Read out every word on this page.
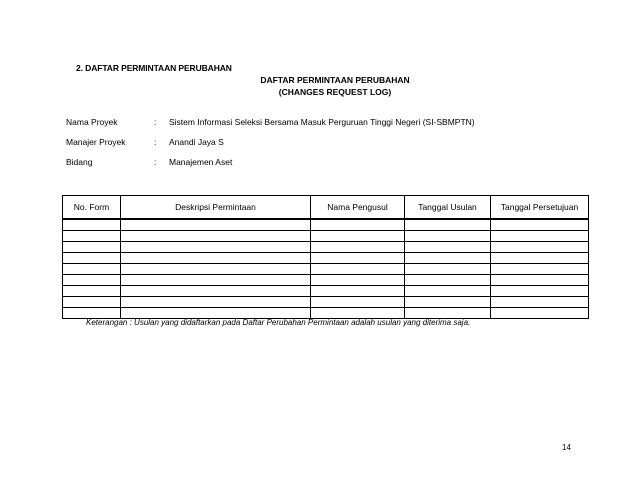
2. DAFTAR PERMINTAAN PERUBAHAN
DAFTAR PERMINTAAN PERUBAHAN
(CHANGES REQUEST LOG)
Nama Proyek	: Sistem Informasi Seleksi Bersama Masuk Perguruan Tinggi Negeri (SI-SBMPTN)
Manajer Proyek	: Anandi Jaya S
Bidang	: Manajemen Aset
No. Form	Deskripsi Permintaan	Nama Pengusul	Tanggal Usulan	Tanggal Persetujuan

Keterangan : Usulan yang didaftarkan pada Daftar Perubahan Permintaan adalah usulan yang diterima saja.
14
